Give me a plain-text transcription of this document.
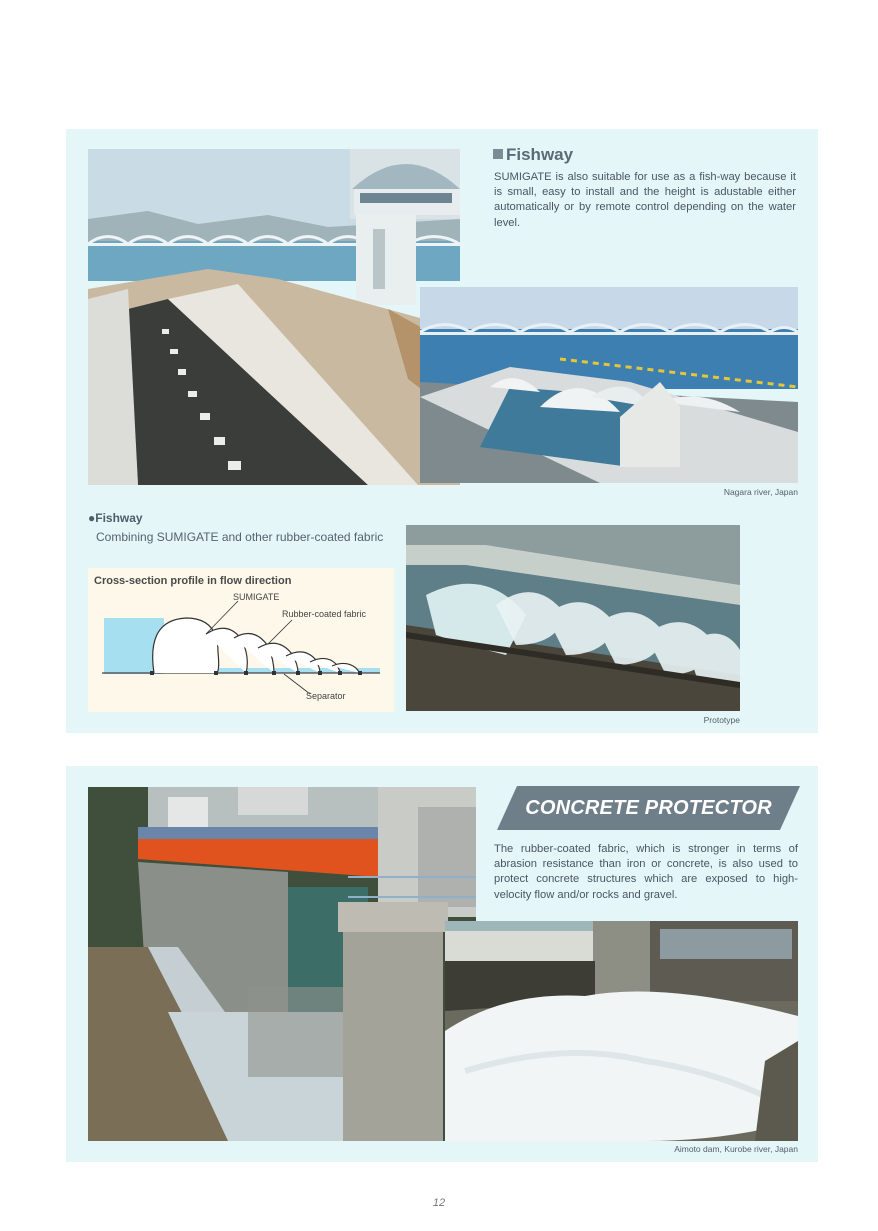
Fishway

SUMIGATE is also suitable for use as a fish-way because it is small, easy to install and the height is adustable either automatically or by remote control depending on the water level.

Nagara river, Japan
●Fishway

Combining SUMIGATE and other rubber-coated fabric

Cross-section profile in flow direction
SUMIGATE
Rubber-coated fabric
Separator
Prototype
CONCRETE PROTECTOR

The rubber-coated fabric, which is stronger in terms of abrasion resistance than iron or concrete, is also used to protect concrete structures which are exposed to high-velocity flow and/or rocks and gravel.

Aimoto dam, Kurobe river, Japan
12
